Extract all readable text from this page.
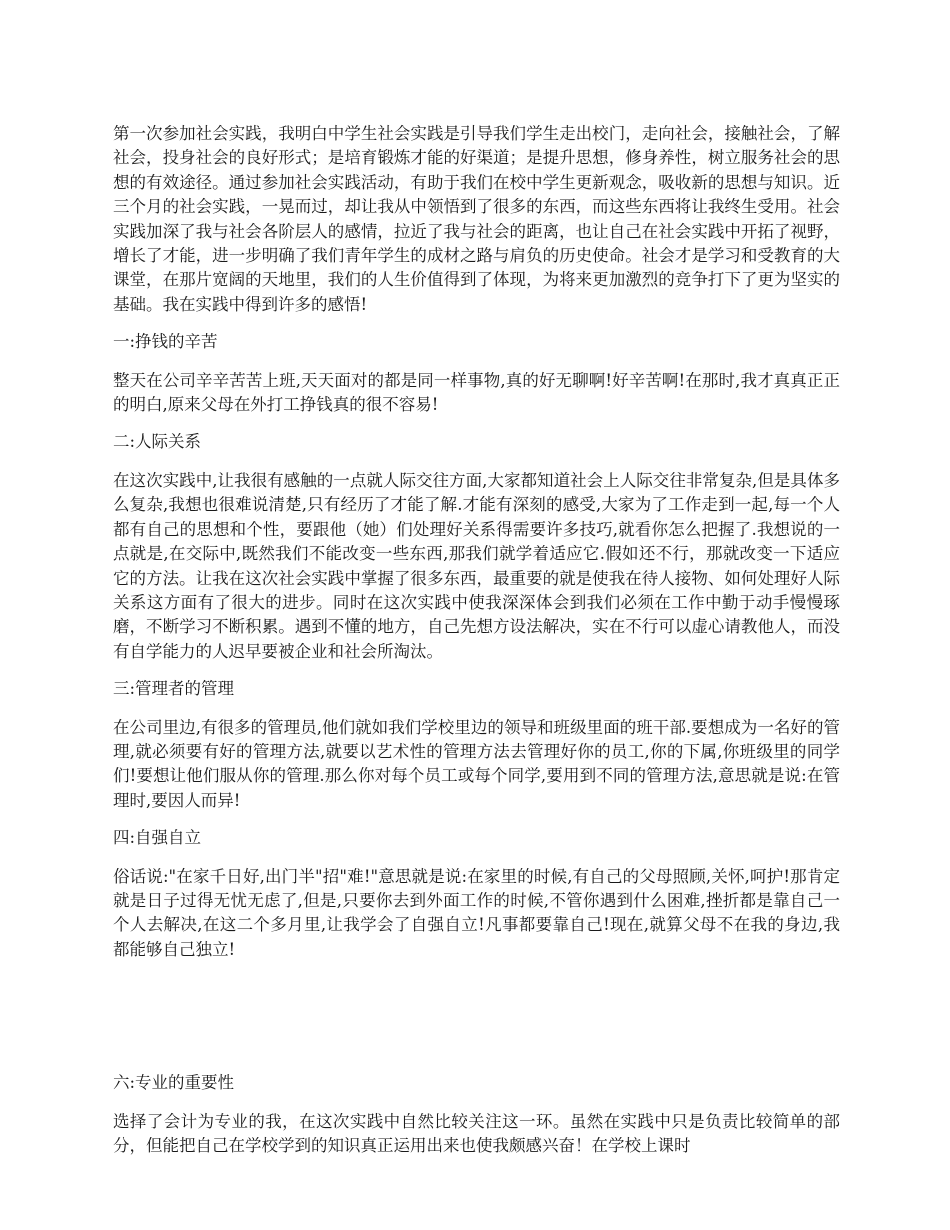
第一次参加社会实践，我明白中学生社会实践是引导我们学生走出校门，走向社会，接触社会，了解社会，投身社会的良好形式；是培育锻炼才能的好渠道；是提升思想，修身养性，树立服务社会的思想的有效途径。通过参加社会实践活动，有助于我们在校中学生更新观念，吸收新的思想与知识。近三个月的社会实践，一晃而过，却让我从中领悟到了很多的东西，而这些东西将让我终生受用。社会实践加深了我与社会各阶层人的感情，拉近了我与社会的距离，也让自己在社会实践中开拓了视野，增长了才能，进一步明确了我们青年学生的成材之路与肩负的历史使命。社会才是学习和受教育的大课堂，在那片宽阔的天地里，我们的人生价值得到了体现，为将来更加激烈的竞争打下了更为坚实的基础。我在实践中得到许多的感悟!

一:挣钱的辛苦

整天在公司辛辛苦苦上班,天天面对的都是同一样事物,真的好无聊啊!好辛苦啊!在那时,我才真真正正的明白,原来父母在外打工挣钱真的很不容易!

二:人际关系

在这次实践中,让我很有感触的一点就人际交往方面,大家都知道社会上人际交往非常复杂,但是具体多么复杂,我想也很难说清楚,只有经历了才能了解.才能有深刻的感受,大家为了工作走到一起,每一个人都有自己的思想和个性，要跟他（她）们处理好关系得需要许多技巧,就看你怎么把握了.我想说的一点就是,在交际中,既然我们不能改变一些东西,那我们就学着适应它.假如还不行，那就改变一下适应它的方法。让我在这次社会实践中掌握了很多东西，最重要的就是使我在待人接物、如何处理好人际关系这方面有了很大的进步。同时在这次实践中使我深深体会到我们必须在工作中勤于动手慢慢琢磨，不断学习不断积累。遇到不懂的地方，自己先想方设法解决，实在不行可以虚心请教他人，而没有自学能力的人迟早要被企业和社会所淘汰。

三:管理者的管理

在公司里边,有很多的管理员,他们就如我们学校里边的领导和班级里面的班干部.要想成为一名好的管理,就必须要有好的管理方法,就要以艺术性的管理方法去管理好你的员工,你的下属,你班级里的同学们!要想让他们服从你的管理.那么你对每个员工或每个同学,要用到不同的管理方法,意思就是说:在管理时,要因人而异!

四:自强自立

俗话说:"在家千日好,出门半"招"难!"意思就是说:在家里的时候,有自己的父母照顾,关怀,呵护!那肯定就是日子过得无忧无虑了,但是,只要你去到外面工作的时候,不管你遇到什么困难,挫折都是靠自己一个人去解决,在这二个多月里,让我学会了自强自立!凡事都要靠自己!现在,就算父母不在我的身边,我都能够自己独立!

六:专业的重要性

选择了会计为专业的我，在这次实践中自然比较关注这一环。虽然在实践中只是负责比较简单的部分，但能把自己在学校学到的知识真正运用出来也使我颇感兴奋！在学校上课时
